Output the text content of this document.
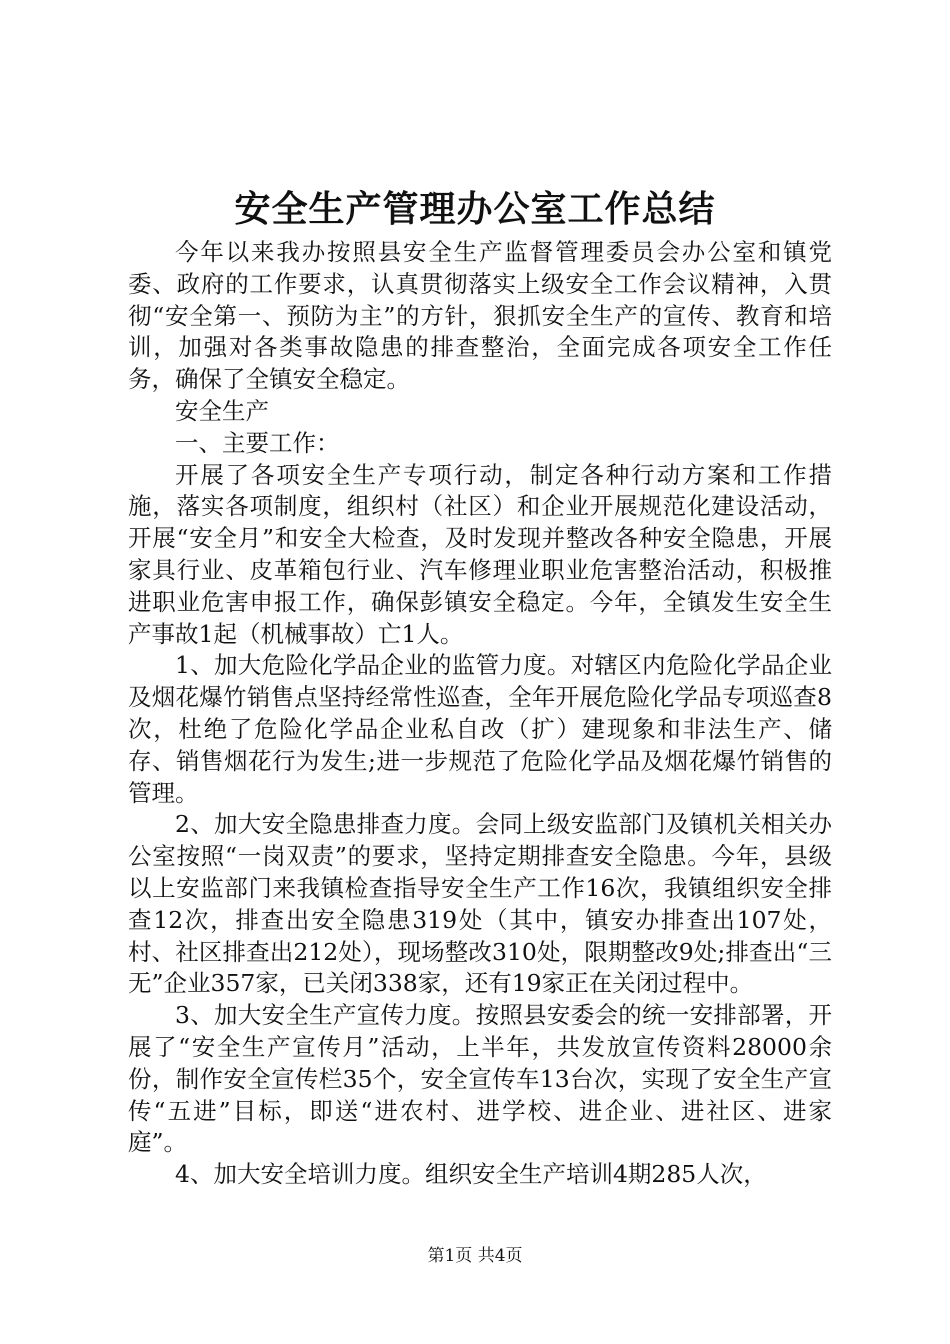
安全生产管理办公室工作总结

今年以来我办按照县安全生产监督管理委员会办公室和镇党委、政府的工作要求，认真贯彻落实上级安全工作会议精神，入贯彻“安全第一、预防为主”的方针，狠抓安全生产的宣传、教育和培训，加强对各类事故隐患的排查整治，全面完成各项安全工作任务，确保了全镇安全稳定。

安全生产

一、主要工作：

开展了各项安全生产专项行动，制定各种行动方案和工作措施，落实各项制度，组织村（社区）和企业开展规范化建设活动，开展“安全月”和安全大检查，及时发现并整改各种安全隐患，开展家具行业、皮革箱包行业、汽车修理业职业危害整治活动，积极推进职业危害申报工作，确保彭镇安全稳定。今年，全镇发生安全生产事故1起（机械事故）亡1人。

1、加大危险化学品企业的监管力度。对辖区内危险化学品企业及烟花爆竹销售点坚持经常性巡查，全年开展危险化学品专项巡查8次，杜绝了危险化学品企业私自改（扩）建现象和非法生产、储存、销售烟花行为发生;进一步规范了危险化学品及烟花爆竹销售的管理。

2、加大安全隐患排查力度。会同上级安监部门及镇机关相关办公室按照“一岗双责”的要求，坚持定期排查安全隐患。今年，县级以上安监部门来我镇检查指导安全生产工作16次，我镇组织安全排查12次，排查出安全隐患319处（其中，镇安办排查出107处，村、社区排查出212处），现场整改310处，限期整改9处;排查出“三无”企业357家，已关闭338家，还有19家正在关闭过程中。

3、加大安全生产宣传力度。按照县安委会的统一安排部署，开展了“安全生产宣传月”活动，上半年，共发放宣传资料28000余份，制作安全宣传栏35个，安全宣传车13台次，实现了安全生产宣传“五进”目标，即送“进农村、进学校、进企业、进社区、进家庭”。

4、加大安全培训力度。组织安全生产培训4期285人次，

第1页 共4页
